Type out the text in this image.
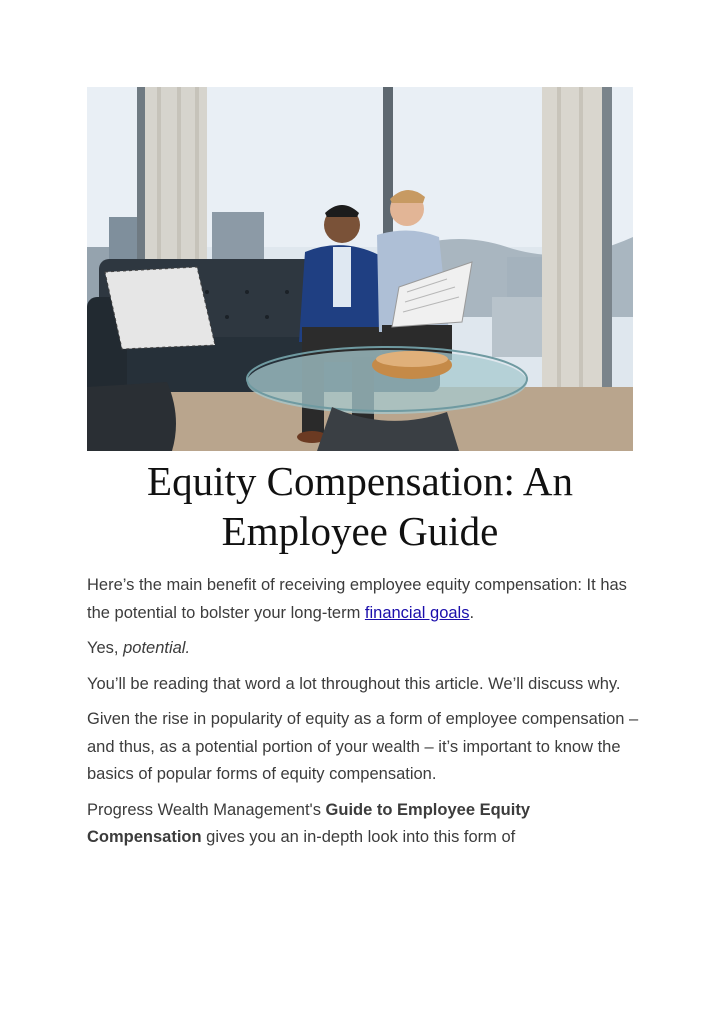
Equity Compensation: An Employee Guide

Here’s the main benefit of receiving employee equity compensation: It has the potential to bolster your long-term financial goals.

Yes, potential.

You’ll be reading that word a lot throughout this article. We’ll discuss why.

Given the rise in popularity of equity as a form of employee compensation – and thus, as a potential portion of your wealth – it’s important to know the basics of popular forms of equity compensation.

Progress Wealth Management's Guide to Employee Equity Compensation gives you an in-depth look into this form of
